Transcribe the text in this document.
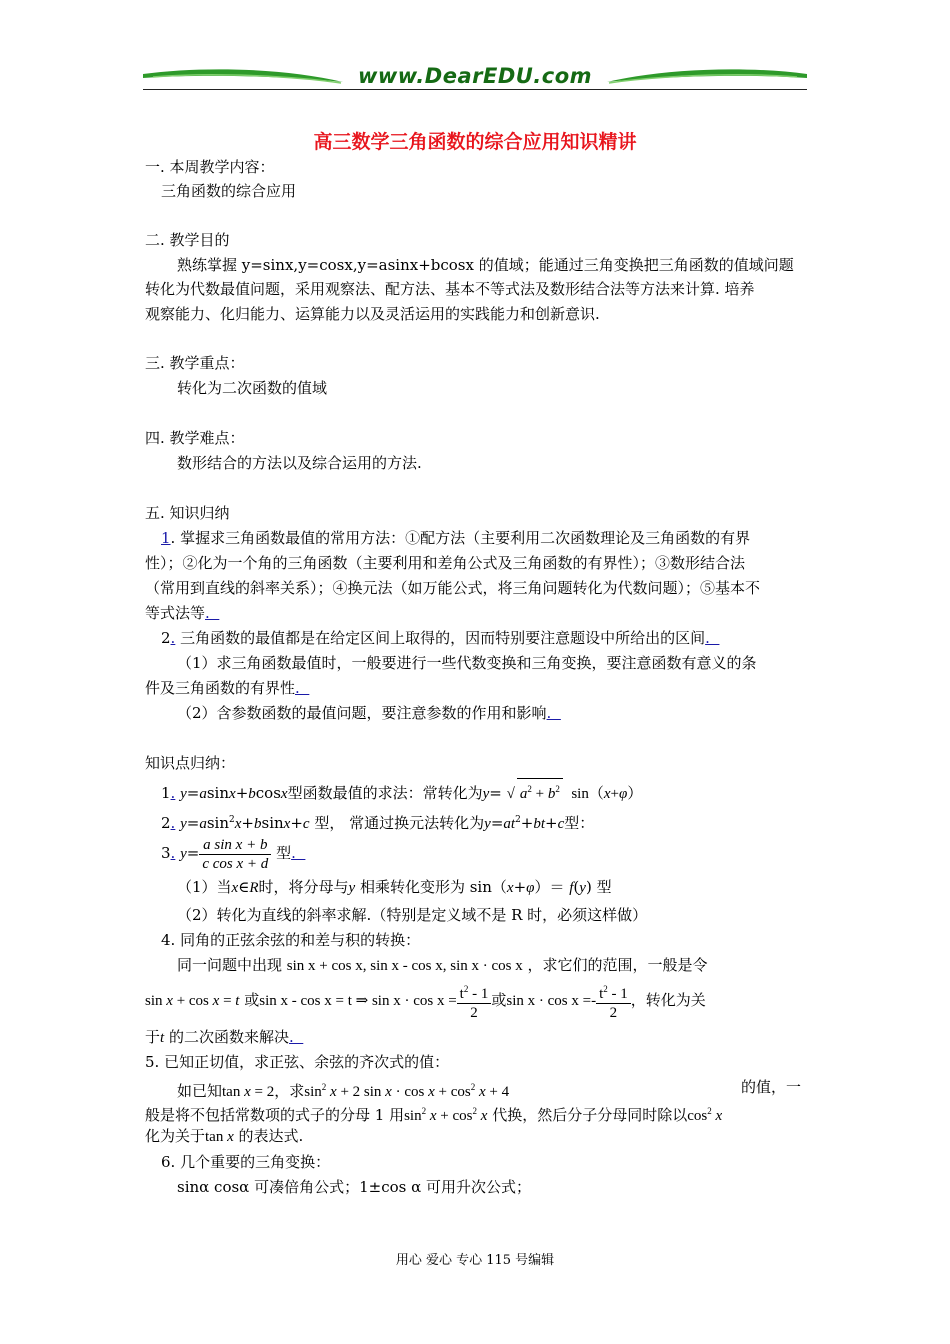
www.DearEDU.com
高三数学三角函数的综合应用知识精讲
一. 本周教学内容：
三角函数的综合应用
二. 教学目的
熟练掌握 y=sinx,y=cosx,y=asinx+bcosx 的值域；能通过三角变换把三角函数的值域问题
转化为代数最值问题，采用观察法、配方法、基本不等式法及数形结合法等方法来计算. 培养
观察能力、化归能力、运算能力以及灵活运用的实践能力和创新意识.
三. 教学重点：
转化为二次函数的值域
四. 教学难点：
数形结合的方法以及综合运用的方法.
五. 知识归纳
1. 掌握求三角函数最值的常用方法：①配方法（主要利用二次函数理论及三角函数的有界
性）；②化为一个角的三角函数（主要利用和差角公式及三角函数的有界性）；③数形结合法
（常用到直线的斜率关系）；④换元法（如万能公式，将三角问题转化为代数问题）；⑤基本不
等式法等.
2. 三角函数的最值都是在给定区间上取得的，因而特别要注意题设中所给出的区间.
（1）求三角函数最值时，一般要进行一些代数变换和三角变换，要注意函数有意义的条
件及三角函数的有界性.
（2）含参数函数的最值问题，要注意参数的作用和影响.
知识点归纳：
1. y=asinx+bcosx型函数最值的求法：常转化为y= √ $a^2 + b^2$  sin（x+φ）
2. y=asin$^2$x+bsinx+c 型， 常通过换元法转化为$y=at^2+bt+c$型：
3. $y= \frac{\text{a sin x + b}}{\text{c cos x + d}}$ 型.
（1）当x∈R时，将分母与y 相乘转化变形为 sin（x+φ）＝ f(y) 型
（2）转化为直线的斜率求解.（特别是定义域不是 R 时，必须这样做）
4. 同角的正弦余弦的和差与积的转换：
同一问题中出现 sin x + cos x, sin x - cos x, sin x · cos x ，求它们的范围，一般是令
sin x + cos x = t 或sin x - cos x = t ⇒ $\sin x \cdot \cos x = \frac{t^2 - 1}{2}$ 或$\sin x \cdot \cos x =- \frac{t^2 - 1}{2}$ ，转化为关
于t 的二次函数来解决.
5. 已知正切值，求正弦、余弦的齐次式的值：
如已知tan x = 2，求$\sin^2 x + 2$ $\sin x \cdot \cos x + \cos^2 x + 4$	的值，一
般是将不包括常数项的式子的分母 1 用$\sin^2 x + \cos^2 x$ 代换，然后分子分母同时除以$\cos^2 x$
化为关于tan x 的表达式.
6. 几个重要的三角变换：
sinα cosα 可凑倍角公式；1±cos α 可用升次公式；
用心 爱心 专心 115 号编辑
